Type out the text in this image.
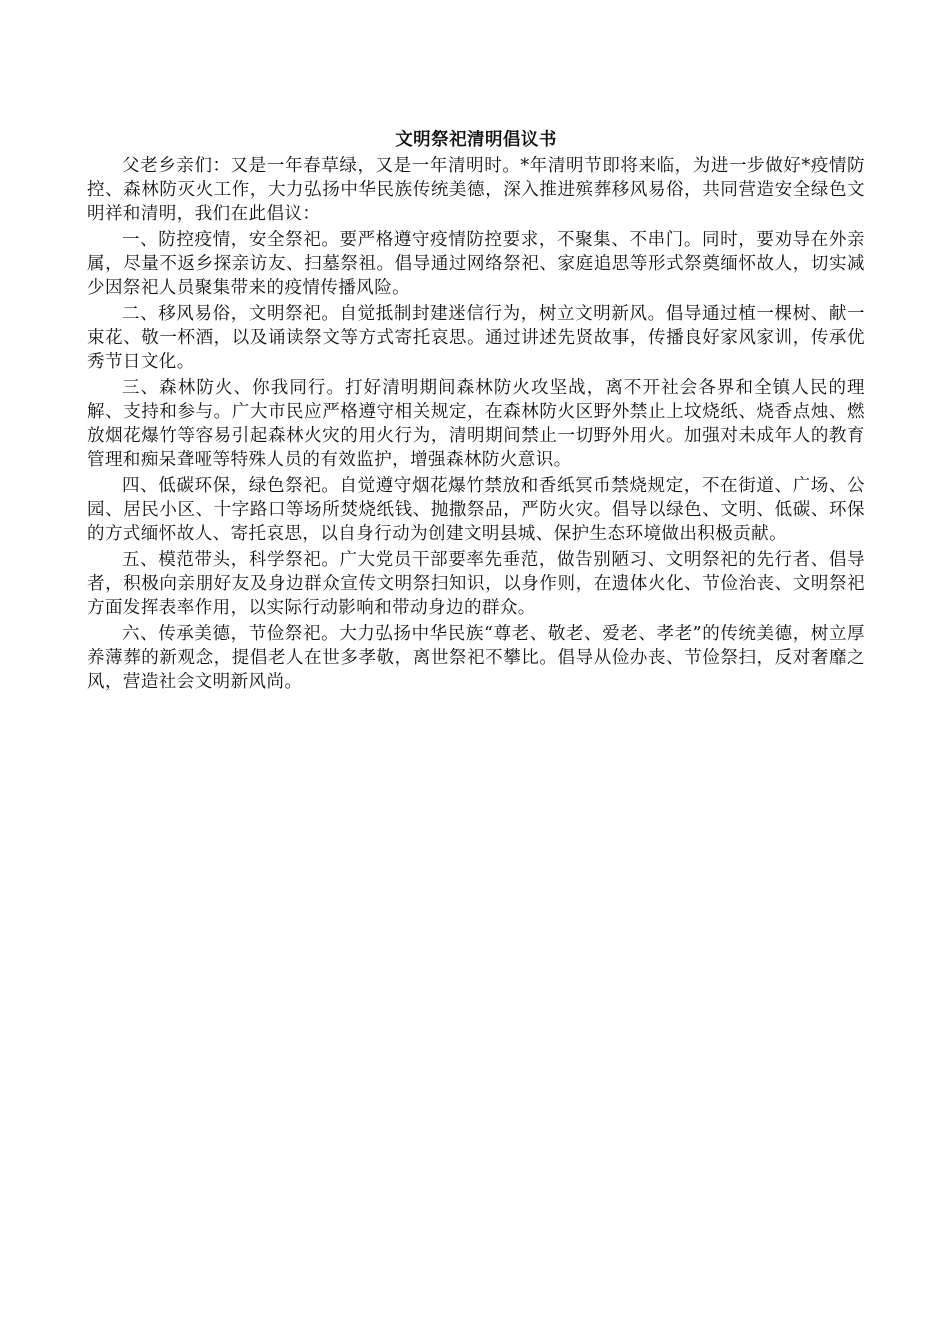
文明祭祀清明倡议书

父老乡亲们：又是一年春草绿，又是一年清明时。*年清明节即将来临，为进一步做好*疫情防控、森林防灭火工作，大力弘扬中华民族传统美德，深入推进殡葬移风易俗，共同营造安全绿色文明祥和清明，我们在此倡议：

一、防控疫情，安全祭祀。要严格遵守疫情防控要求，不聚集、不串门。同时，要劝导在外亲属，尽量不返乡探亲访友、扫墓祭祖。倡导通过网络祭祀、家庭追思等形式祭奠缅怀故人，切实减少因祭祀人员聚集带来的疫情传播风险。

二、移风易俗，文明祭祀。自觉抵制封建迷信行为，树立文明新风。倡导通过植一棵树、献一束花、敬一杯酒，以及诵读祭文等方式寄托哀思。通过讲述先贤故事，传播良好家风家训，传承优秀节日文化。

三、森林防火、你我同行。打好清明期间森林防火攻坚战，离不开社会各界和全镇人民的理解、支持和参与。广大市民应严格遵守相关规定，在森林防火区野外禁止上坟烧纸、烧香点烛、燃放烟花爆竹等容易引起森林火灾的用火行为，清明期间禁止一切野外用火。加强对未成年人的教育管理和痴呆聋哑等特殊人员的有效监护，增强森林防火意识。

四、低碳环保，绿色祭祀。自觉遵守烟花爆竹禁放和香纸冥币禁烧规定，不在街道、广场、公园、居民小区、十字路口等场所焚烧纸钱、抛撒祭品，严防火灾。倡导以绿色、文明、低碳、环保的方式缅怀故人、寄托哀思，以自身行动为创建文明县城、保护生态环境做出积极贡献。

五、模范带头，科学祭祀。广大党员干部要率先垂范，做告别陋习、文明祭祀的先行者、倡导者，积极向亲朋好友及身边群众宣传文明祭扫知识，以身作则，在遗体火化、节俭治丧、文明祭祀方面发挥表率作用，以实际行动影响和带动身边的群众。

六、传承美德，节俭祭祀。大力弘扬中华民族“尊老、敬老、爱老、孝老”的传统美德，树立厚养薄葬的新观念，提倡老人在世多孝敬，离世祭祀不攀比。倡导从俭办丧、节俭祭扫，反对奢靡之风，营造社会文明新风尚。
